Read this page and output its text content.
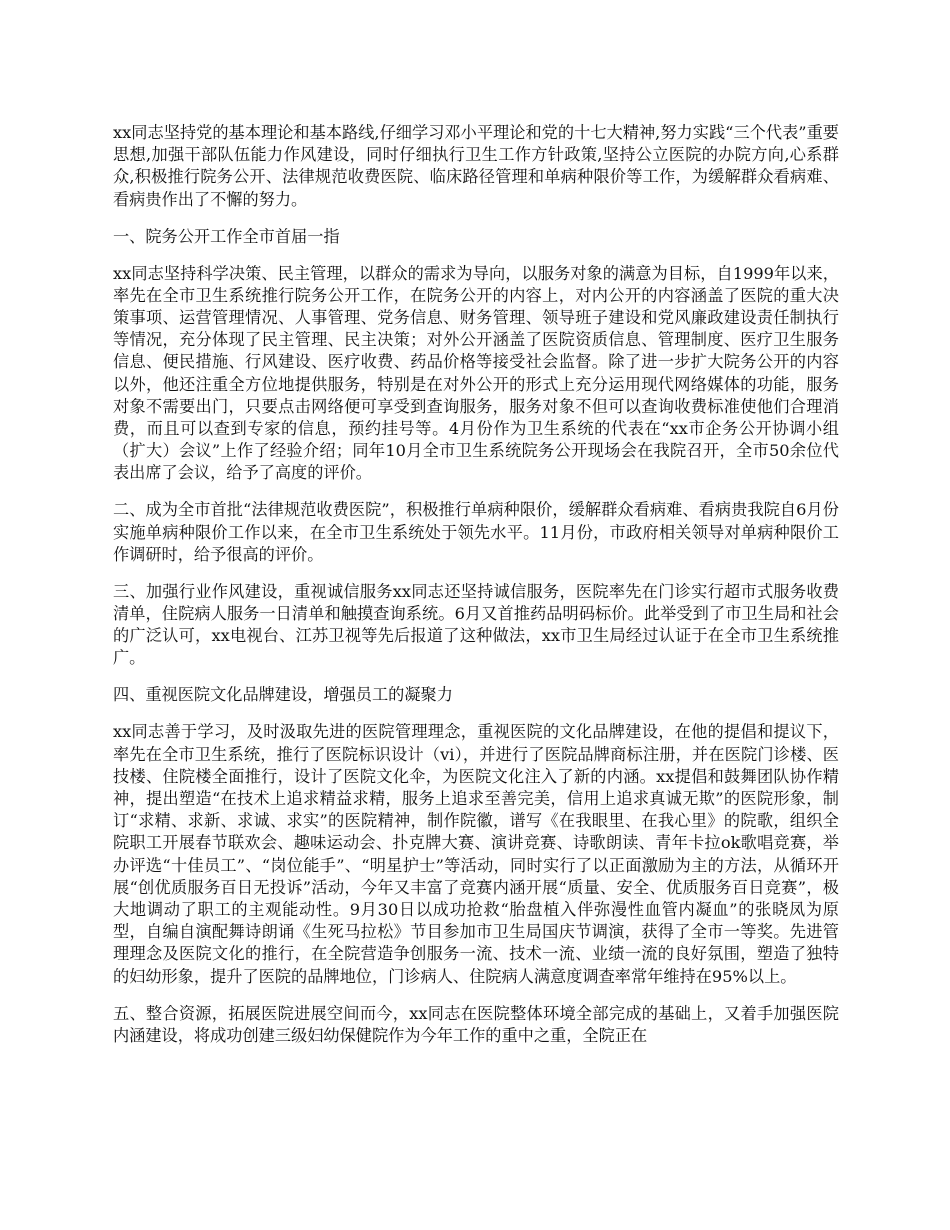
xx同志坚持党的基本理论和基本路线,仔细学习邓小平理论和党的十七大精神,努力实践“三个代表”重要思想,加强干部队伍能力作风建设，同时仔细执行卫生工作方针政策,坚持公立医院的办院方向,心系群众,积极推行院务公开、法律规范收费医院、临床路径管理和单病种限价等工作，为缓解群众看病难、看病贵作出了不懈的努力。

一、院务公开工作全市首届一指

xx同志坚持科学决策、民主管理，以群众的需求为导向，以服务对象的满意为目标，自1999年以来，率先在全市卫生系统推行院务公开工作，在院务公开的内容上，对内公开的内容涵盖了医院的重大决策事项、运营管理情况、人事管理、党务信息、财务管理、领导班子建设和党风廉政建设责任制执行等情况，充分体现了民主管理、民主决策；对外公开涵盖了医院资质信息、管理制度、医疗卫生服务信息、便民措施、行风建设、医疗收费、药品价格等接受社会监督。除了进一步扩大院务公开的内容以外，他还注重全方位地提供服务，特别是在对外公开的形式上充分运用现代网络媒体的功能，服务对象不需要出门，只要点击网络便可享受到查询服务，服务对象不但可以查询收费标准使他们合理消费，而且可以查到专家的信息，预约挂号等。4月份作为卫生系统的代表在“xx市企务公开协调小组（扩大）会议”上作了经验介绍；同年10月全市卫生系统院务公开现场会在我院召开，全市50余位代表出席了会议，给予了高度的评价。

二、成为全市首批“法律规范收费医院”，积极推行单病种限价，缓解群众看病难、看病贵我院自6月份实施单病种限价工作以来，在全市卫生系统处于领先水平。11月份，市政府相关领导对单病种限价工作调研时，给予很高的评价。

三、加强行业作风建设，重视诚信服务xx同志还坚持诚信服务，医院率先在门诊实行超市式服务收费清单，住院病人服务一日清单和触摸查询系统。6月又首推药品明码标价。此举受到了市卫生局和社会的广泛认可，xx电视台、江苏卫视等先后报道了这种做法，xx市卫生局经过认证于在全市卫生系统推广。

四、重视医院文化品牌建设，增强员工的凝聚力

xx同志善于学习，及时汲取先进的医院管理理念，重视医院的文化品牌建设，在他的提倡和提议下，率先在全市卫生系统，推行了医院标识设计（vi），并进行了医院品牌商标注册，并在医院门诊楼、医技楼、住院楼全面推行，设计了医院文化伞，为医院文化注入了新的内涵。xx提倡和鼓舞团队协作精神，提出塑造“在技术上追求精益求精，服务上追求至善完美，信用上追求真诚无欺”的医院形象，制订“求精、求新、求诚、求实”的医院精神，制作院徽，谱写《在我眼里、在我心里》的院歌，组织全院职工开展春节联欢会、趣味运动会、扑克牌大赛、演讲竞赛、诗歌朗读、青年卡拉ok歌唱竞赛，举办评选“十佳员工”、“岗位能手”、“明星护士”等活动，同时实行了以正面激励为主的方法，从循环开展“创优质服务百日无投诉”活动，今年又丰富了竞赛内涵开展“质量、安全、优质服务百日竞赛”，极大地调动了职工的主观能动性。9月30日以成功抢救“胎盘植入伴弥漫性血管内凝血”的张晓凤为原型，自编自演配舞诗朗诵《生死马拉松》节目参加市卫生局国庆节调演，获得了全市一等奖。先进管理理念及医院文化的推行，在全院营造争创服务一流、技术一流、业绩一流的良好氛围，塑造了独特的妇幼形象，提升了医院的品牌地位，门诊病人、住院病人满意度调查率常年维持在95%以上。

五、整合资源，拓展医院进展空间而今，xx同志在医院整体环境全部完成的基础上，又着手加强医院内涵建设，将成功创建三级妇幼保健院作为今年工作的重中之重，全院正在
